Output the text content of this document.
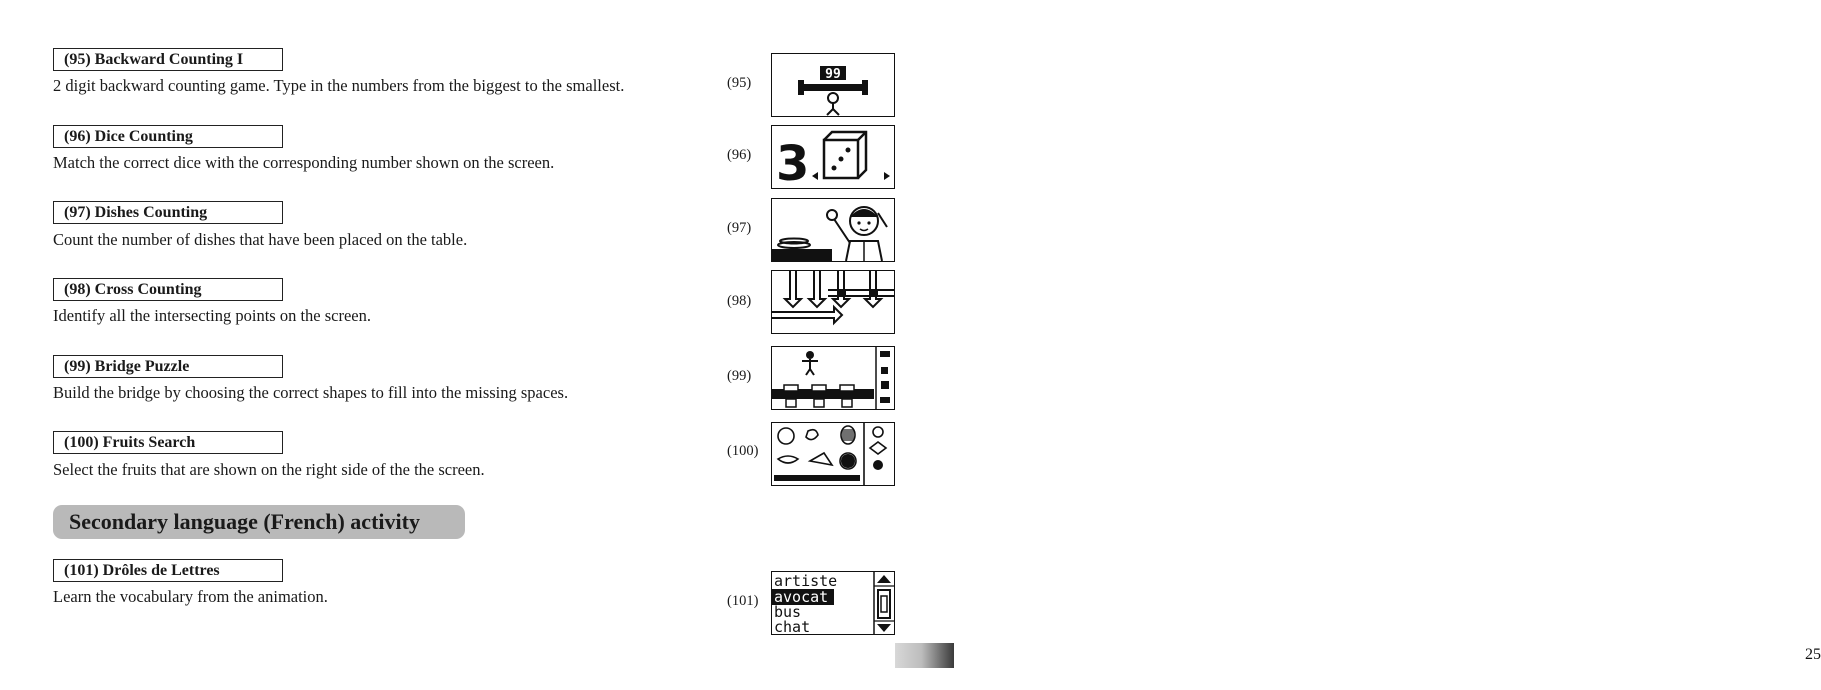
(95) Backward Counting I
2 digit backward counting game. Type in the numbers from the biggest to the smallest.	(95)
99
(96) Dice Counting
Match the correct dice with the corresponding number shown on the screen.	(96) 3
(97) Dishes Counting
Count the number of dishes that have been placed on the table.
(97)
(98) Cross Counting
Identify all the intersecting points on the screen.
(98)
(99) Bridge Puzzle
Build the bridge by choosing the correct shapes to fill into the missing spaces.
(99)
(100) Fruits Search
Select the fruits that are shown on the right side of the the screen.
(100)
Secondary language (French) activity
(101) Drôles de Lettres
Learn the vocabulary from the animation.	(101)
artiste
avocat
bus
chat
25
